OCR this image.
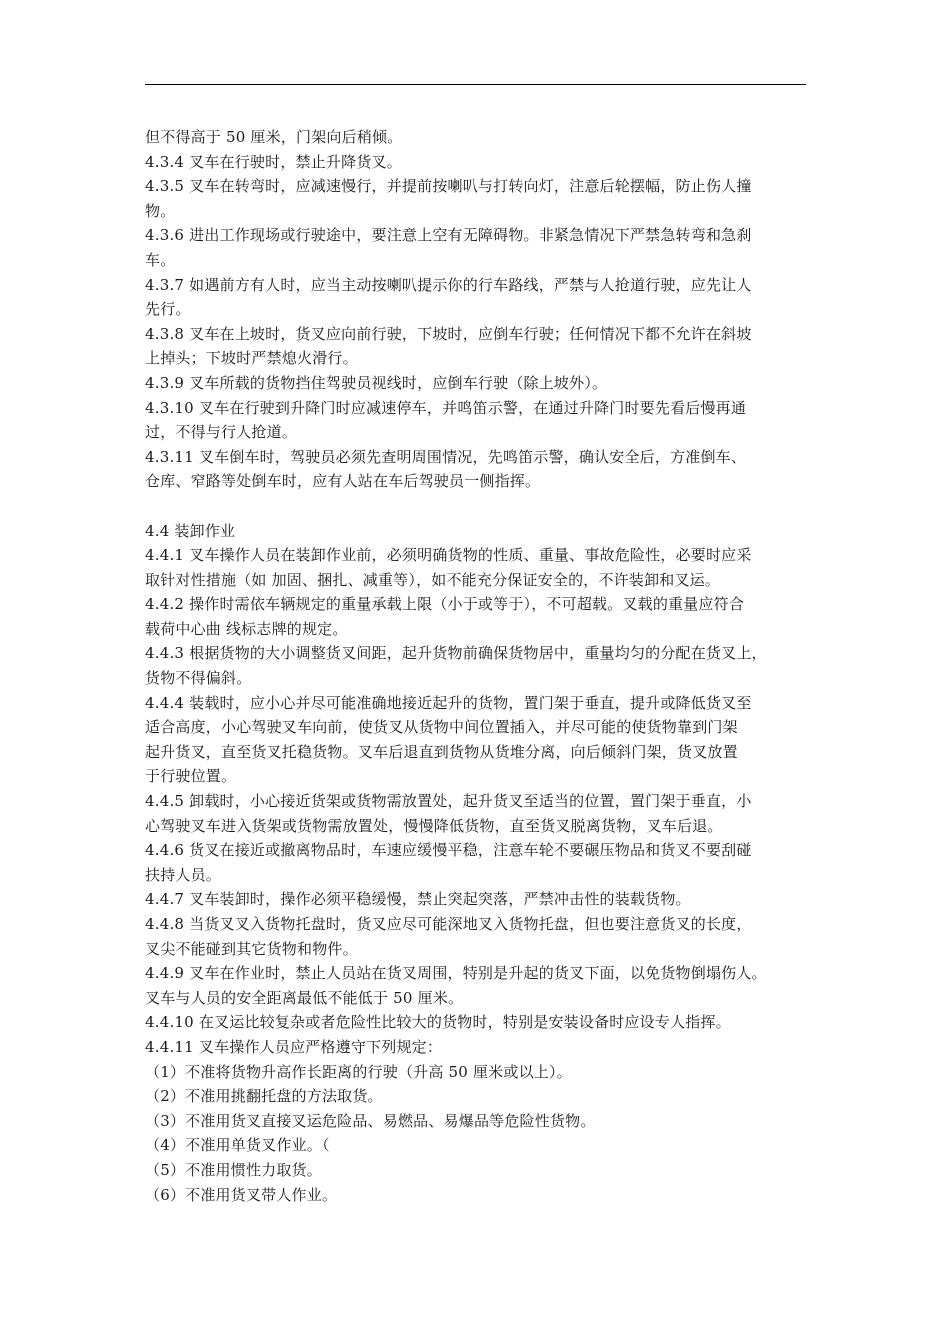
但不得高于 50 厘米，门架向后稍倾。
4.3.4 叉车在行驶时，禁止升降货叉。
4.3.5 叉车在转弯时，应减速慢行，并提前按喇叭与打转向灯，注意后轮摆幅，防止伤人撞
物。
4.3.6 进出工作现场或行驶途中，要注意上空有无障碍物。非紧急情况下严禁急转弯和急刹
车。
4.3.7 如遇前方有人时，应当主动按喇叭提示你的行车路线，严禁与人抢道行驶，应先让人
先行。
4.3.8 叉车在上坡时，货叉应向前行驶，下坡时，应倒车行驶；任何情况下都不允许在斜坡
上掉头；下坡时严禁熄火滑行。
4.3.9 叉车所载的货物挡住驾驶员视线时，应倒车行驶（除上坡外）。
4.3.10 叉车在行驶到升降门时应减速停车，并鸣笛示警，在通过升降门时要先看后慢再通
过，不得与行人抢道。
4.3.11 叉车倒车时，驾驶员必须先查明周围情况，先鸣笛示警，确认安全后，方准倒车、
仓库、窄路等处倒车时，应有人站在车后驾驶员一侧指挥。
4.4 装卸作业
4.4.1 叉车操作人员在装卸作业前，必须明确货物的性质、重量、事故危险性，必要时应采
取针对性措施（如 加固、捆扎、减重等），如不能充分保证安全的，不许装卸和叉运。
4.4.2 操作时需依车辆规定的重量承载上限（小于或等于），不可超载。叉载的重量应符合
载荷中心曲 线标志牌的规定。
4.4.3 根据货物的大小调整货叉间距，起升货物前确保货物居中，重量均匀的分配在货叉上，
货物不得偏斜。
4.4.4 装载时，应小心并尽可能准确地接近起升的货物，置门架于垂直，提升或降低货叉至
适合高度，小心驾驶叉车向前，使货叉从货物中间位置插入，并尽可能的使货物靠到门架
起升货叉，直至货叉托稳货物。叉车后退直到货物从货堆分离，向后倾斜门架，货叉放置
于行驶位置。
4.4.5 卸载时，小心接近货架或货物需放置处，起升货叉至适当的位置，置门架于垂直，小
心驾驶叉车进入货架或货物需放置处，慢慢降低货物，直至货叉脱离货物，叉车后退。
4.4.6 货叉在接近或撤离物品时，车速应缓慢平稳，注意车轮不要碾压物品和货叉不要刮碰
扶持人员。
4.4.7 叉车装卸时，操作必须平稳缓慢，禁止突起突落，严禁冲击性的装载货物。
4.4.8 当货叉叉入货物托盘时，货叉应尽可能深地叉入货物托盘，但也要注意货叉的长度，
叉尖不能碰到其它货物和物件。
4.4.9 叉车在作业时，禁止人员站在货叉周围，特别是升起的货叉下面，以免货物倒塌伤人。
叉车与人员的安全距离最低不能低于 50 厘米。
4.4.10 在叉运比较复杂或者危险性比较大的货物时，特别是安装设备时应设专人指挥。
4.4.11 叉车操作人员应严格遵守下列规定：
（1）不准将货物升高作长距离的行驶（升高 50 厘米或以上）。
（2）不准用挑翻托盘的方法取货。
（3）不准用货叉直接叉运危险品、易燃品、易爆品等危险性货物。
（4）不准用单货叉作业。（
（5）不准用惯性力取货。
（6）不准用货叉带人作业。
